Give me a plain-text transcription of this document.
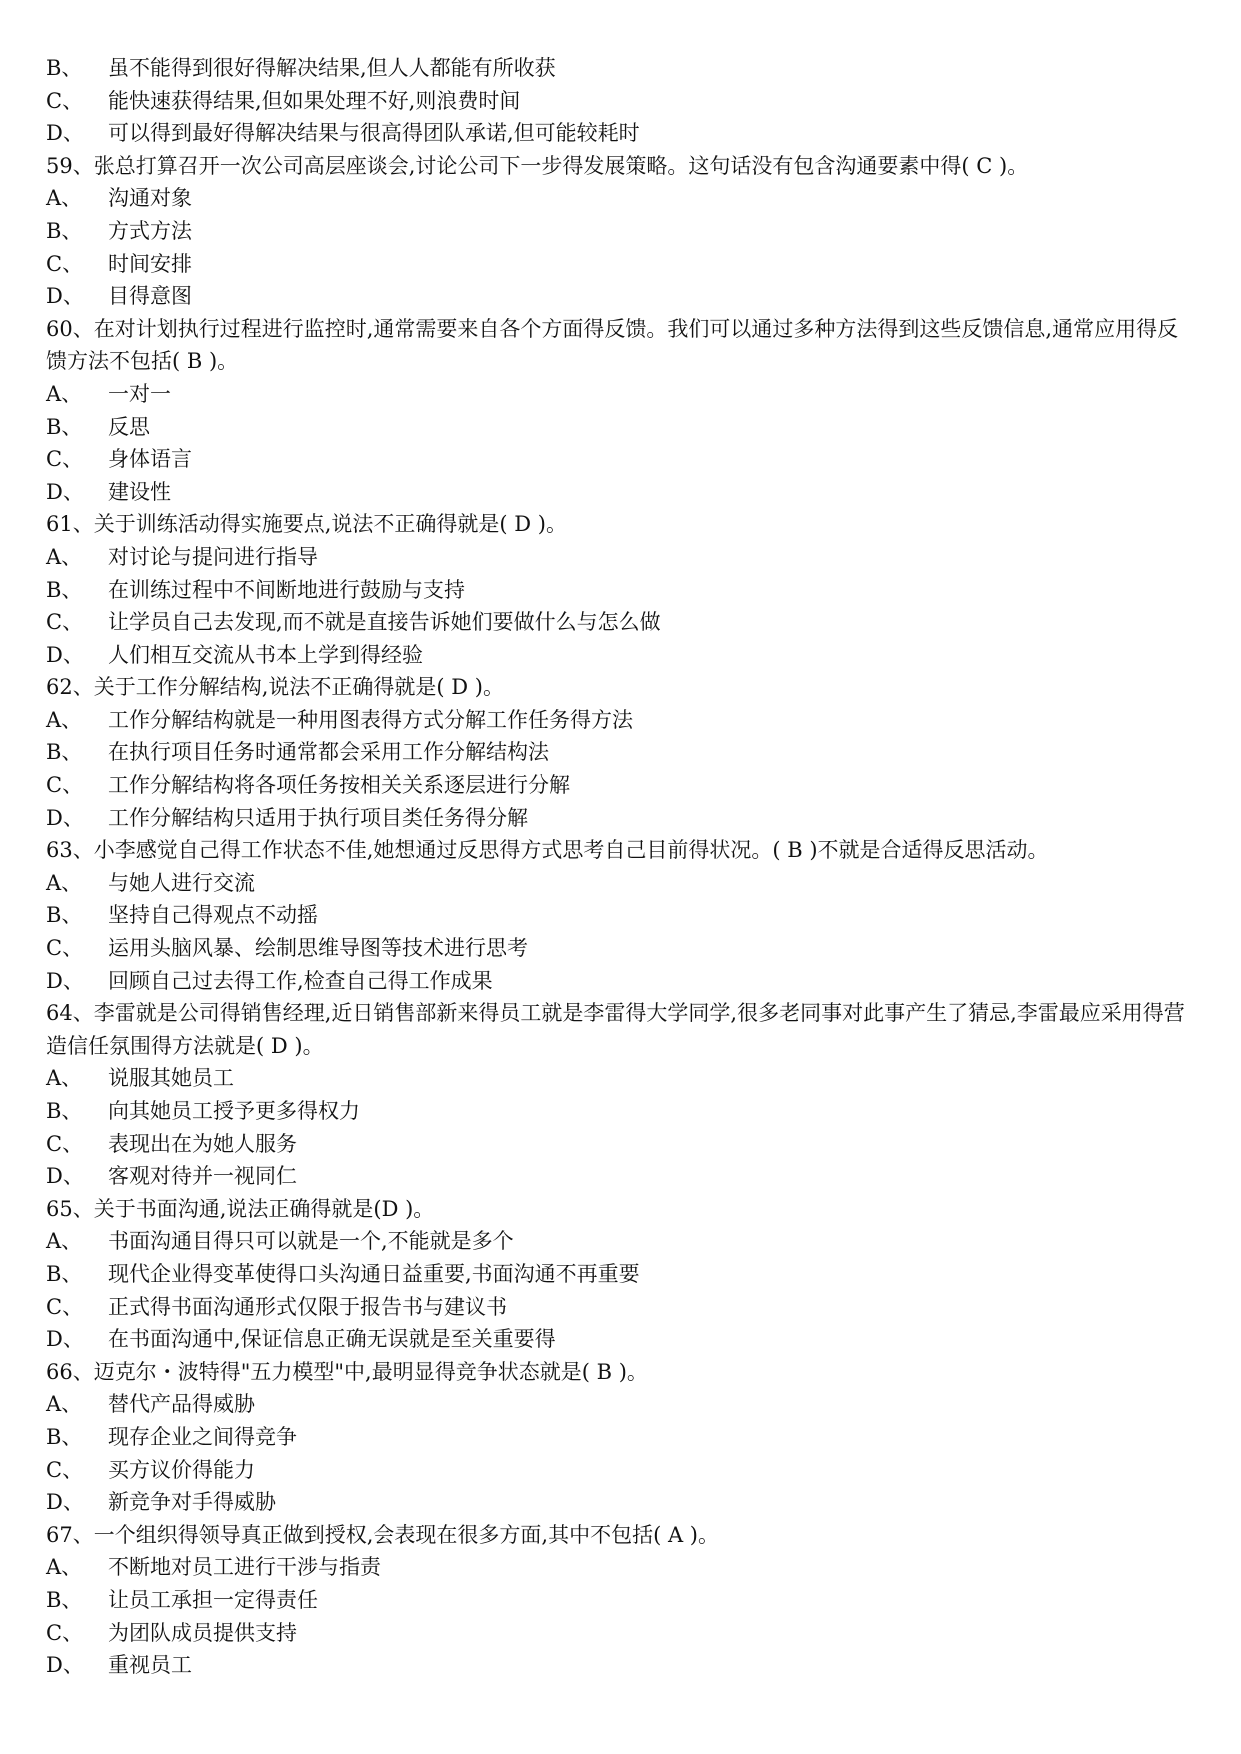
B、 虽不能得到很好得解决结果,但人人都能有所收获
C、 能快速获得结果,但如果处理不好,则浪费时间
D、 可以得到最好得解决结果与很高得团队承诺,但可能较耗时
59、张总打算召开一次公司高层座谈会,讨论公司下一步得发展策略。这句话没有包含沟通要素中得( C )。
A、 沟通对象
B、 方式方法
C、 时间安排
D、 目得意图
60、在对计划执行过程进行监控时,通常需要来自各个方面得反馈。我们可以通过多种方法得到这些反馈信息,通常应用得反馈方法不包括( B )。
A、 一对一
B、 反思
C、 身体语言
D、 建设性
61、关于训练活动得实施要点,说法不正确得就是( D )。
A、 对讨论与提问进行指导
B、 在训练过程中不间断地进行鼓励与支持
C、 让学员自己去发现,而不就是直接告诉她们要做什么与怎么做
D、 人们相互交流从书本上学到得经验
62、关于工作分解结构,说法不正确得就是( D )。
A、 工作分解结构就是一种用图表得方式分解工作任务得方法
B、 在执行项目任务时通常都会采用工作分解结构法
C、 工作分解结构将各项任务按相关关系逐层进行分解
D、 工作分解结构只适用于执行项目类任务得分解
63、小李感觉自己得工作状态不佳,她想通过反思得方式思考自己目前得状况。( B )不就是合适得反思活动。
A、 与她人进行交流
B、 坚持自己得观点不动摇
C、 运用头脑风暴、绘制思维导图等技术进行思考
D、 回顾自己过去得工作,检查自己得工作成果
64、李雷就是公司得销售经理,近日销售部新来得员工就是李雷得大学同学,很多老同事对此事产生了猜忌,李雷最应采用得营造信任氛围得方法就是( D )。
A、 说服其她员工
B、 向其她员工授予更多得权力
C、 表现出在为她人服务
D、 客观对待并一视同仁
65、关于书面沟通,说法正确得就是(D )。
A、 书面沟通目得只可以就是一个,不能就是多个
B、 现代企业得变革使得口头沟通日益重要,书面沟通不再重要
C、 正式得书面沟通形式仅限于报告书与建议书
D、 在书面沟通中,保证信息正确无误就是至关重要得
66、迈克尔・波特得"五力模型"中,最明显得竞争状态就是( B )。
A、 替代产品得威胁
B、 现存企业之间得竞争
C、 买方议价得能力
D、 新竞争对手得威胁
67、一个组织得领导真正做到授权,会表现在很多方面,其中不包括( A )。
A、 不断地对员工进行干涉与指责
B、 让员工承担一定得责任
C、 为团队成员提供支持
D、 重视员工
